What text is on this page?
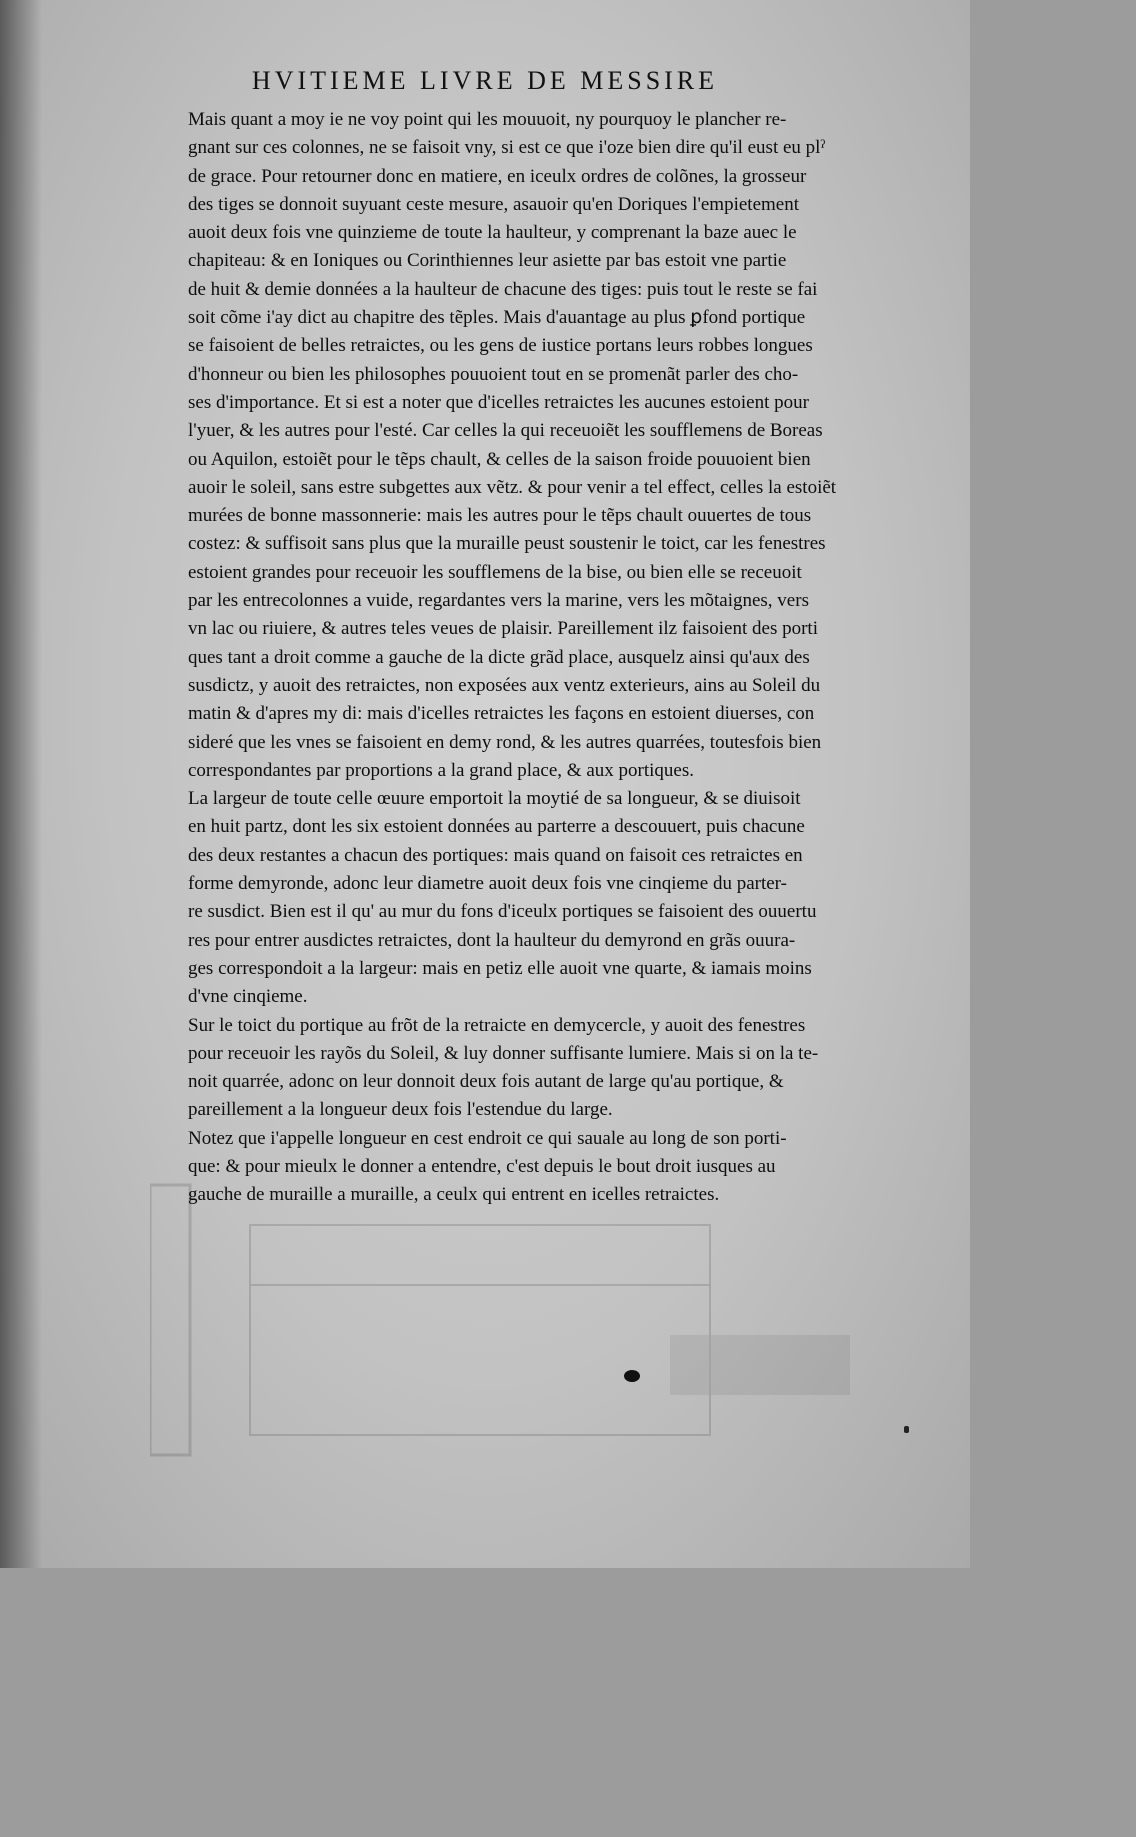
HVITIEME LIVRE DE MESSIRE

Mais quant a moy ie ne voy point qui les mouuoit, ny pourquoy le plancher re-
gnant sur ces colonnes, ne se faisoit vny, si est ce que i'oze bien dire qu'il eust eu plˀ
de grace. Pour retourner donc en matiere, en iceulx ordres de colõnes, la grosseur
des tiges se donnoit suyuant ceste mesure, asauoir qu'en Doriques l'empietement
auoit deux fois vne quinzieme de toute la haulteur, y comprenant la baze auec le
chapiteau: & en Ioniques ou Corinthiennes leur asiette par bas estoit vne partie
de huit & demie données a la haulteur de chacune des tiges: puis tout le reste se fai
soit cõme i'ay dict au chapitre des tẽples. Mais d'auantage au plus ꝑfond portique
se faisoient de belles retraictes, ou les gens de iustice portans leurs robbes longues
d'honneur ou bien les philosophes pouuoient tout en se promenãt parler des cho-
ses d'importance. Et si est a noter que d'icelles retraictes les aucunes estoient pour
l'yuer, & les autres pour l'esté. Car celles la qui receuoiẽt les soufflemens de Boreas
ou Aquilon, estoiẽt pour le tẽps chault, & celles de la saison froide pouuoient bien
auoir le soleil, sans estre subgettes aux vẽtz. & pour venir a tel effect, celles la estoiẽt
murées de bonne massonnerie: mais les autres pour le tẽps chault ouuertes de tous
costez: & suffisoit sans plus que la muraille peust soustenir le toict, car les fenestres
estoient grandes pour receuoir les soufflemens de la bise, ou bien elle se receuoit
par les entrecolonnes a vuide, regardantes vers la marine, vers les mõtaignes, vers
vn lac ou riuiere, & autres teles veues de plaisir. Pareillement ilz faisoient des porti
ques tant a droit comme a gauche de la dicte grãd place, ausquelz ainsi qu'aux des
susdictz, y auoit des retraictes, non exposées aux ventz exterieurs, ains au Soleil du
matin & d'apres my di: mais d'icelles retraictes les façons en estoient diuerses, con
sideré que les vnes se faisoient en demy rond, & les autres quarrées, toutesfois bien
correspondantes par proportions a la grand place, & aux portiques.

La largeur de toute celle œuure emportoit la moytié de sa longueur, & se diuisoit
en huit partz, dont les six estoient données au parterre a descouuert, puis chacune
des deux restantes a chacun des portiques: mais quand on faisoit ces retraictes en
forme demyronde, adonc leur diametre auoit deux fois vne cinqieme du parter-
re susdict. Bien est il qu' au mur du fons d'iceulx portiques se faisoient des ouuertu
res pour entrer ausdictes retraictes, dont la haulteur du demyrond en grãs ouura-
ges correspondoit a la largeur: mais en petiz elle auoit vne quarte, & iamais moins
d'vne cinqieme.

Sur le toict du portique au frõt de la retraicte en demycercle, y auoit des fenestres
pour receuoir les rayõs du Soleil, & luy donner suffisante lumiere. Mais si on la te-
noit quarrée, adonc on leur donnoit deux fois autant de large qu'au portique, &
pareillement a la longueur deux fois l'estendue du large.

Notez que i'appelle longueur en cest endroit ce qui sauale au long de son porti-
que: & pour mieulx le donner a entendre, c'est depuis le bout droit iusques au
gauche de muraille a muraille, a ceulx qui entrent en icelles retraictes.
